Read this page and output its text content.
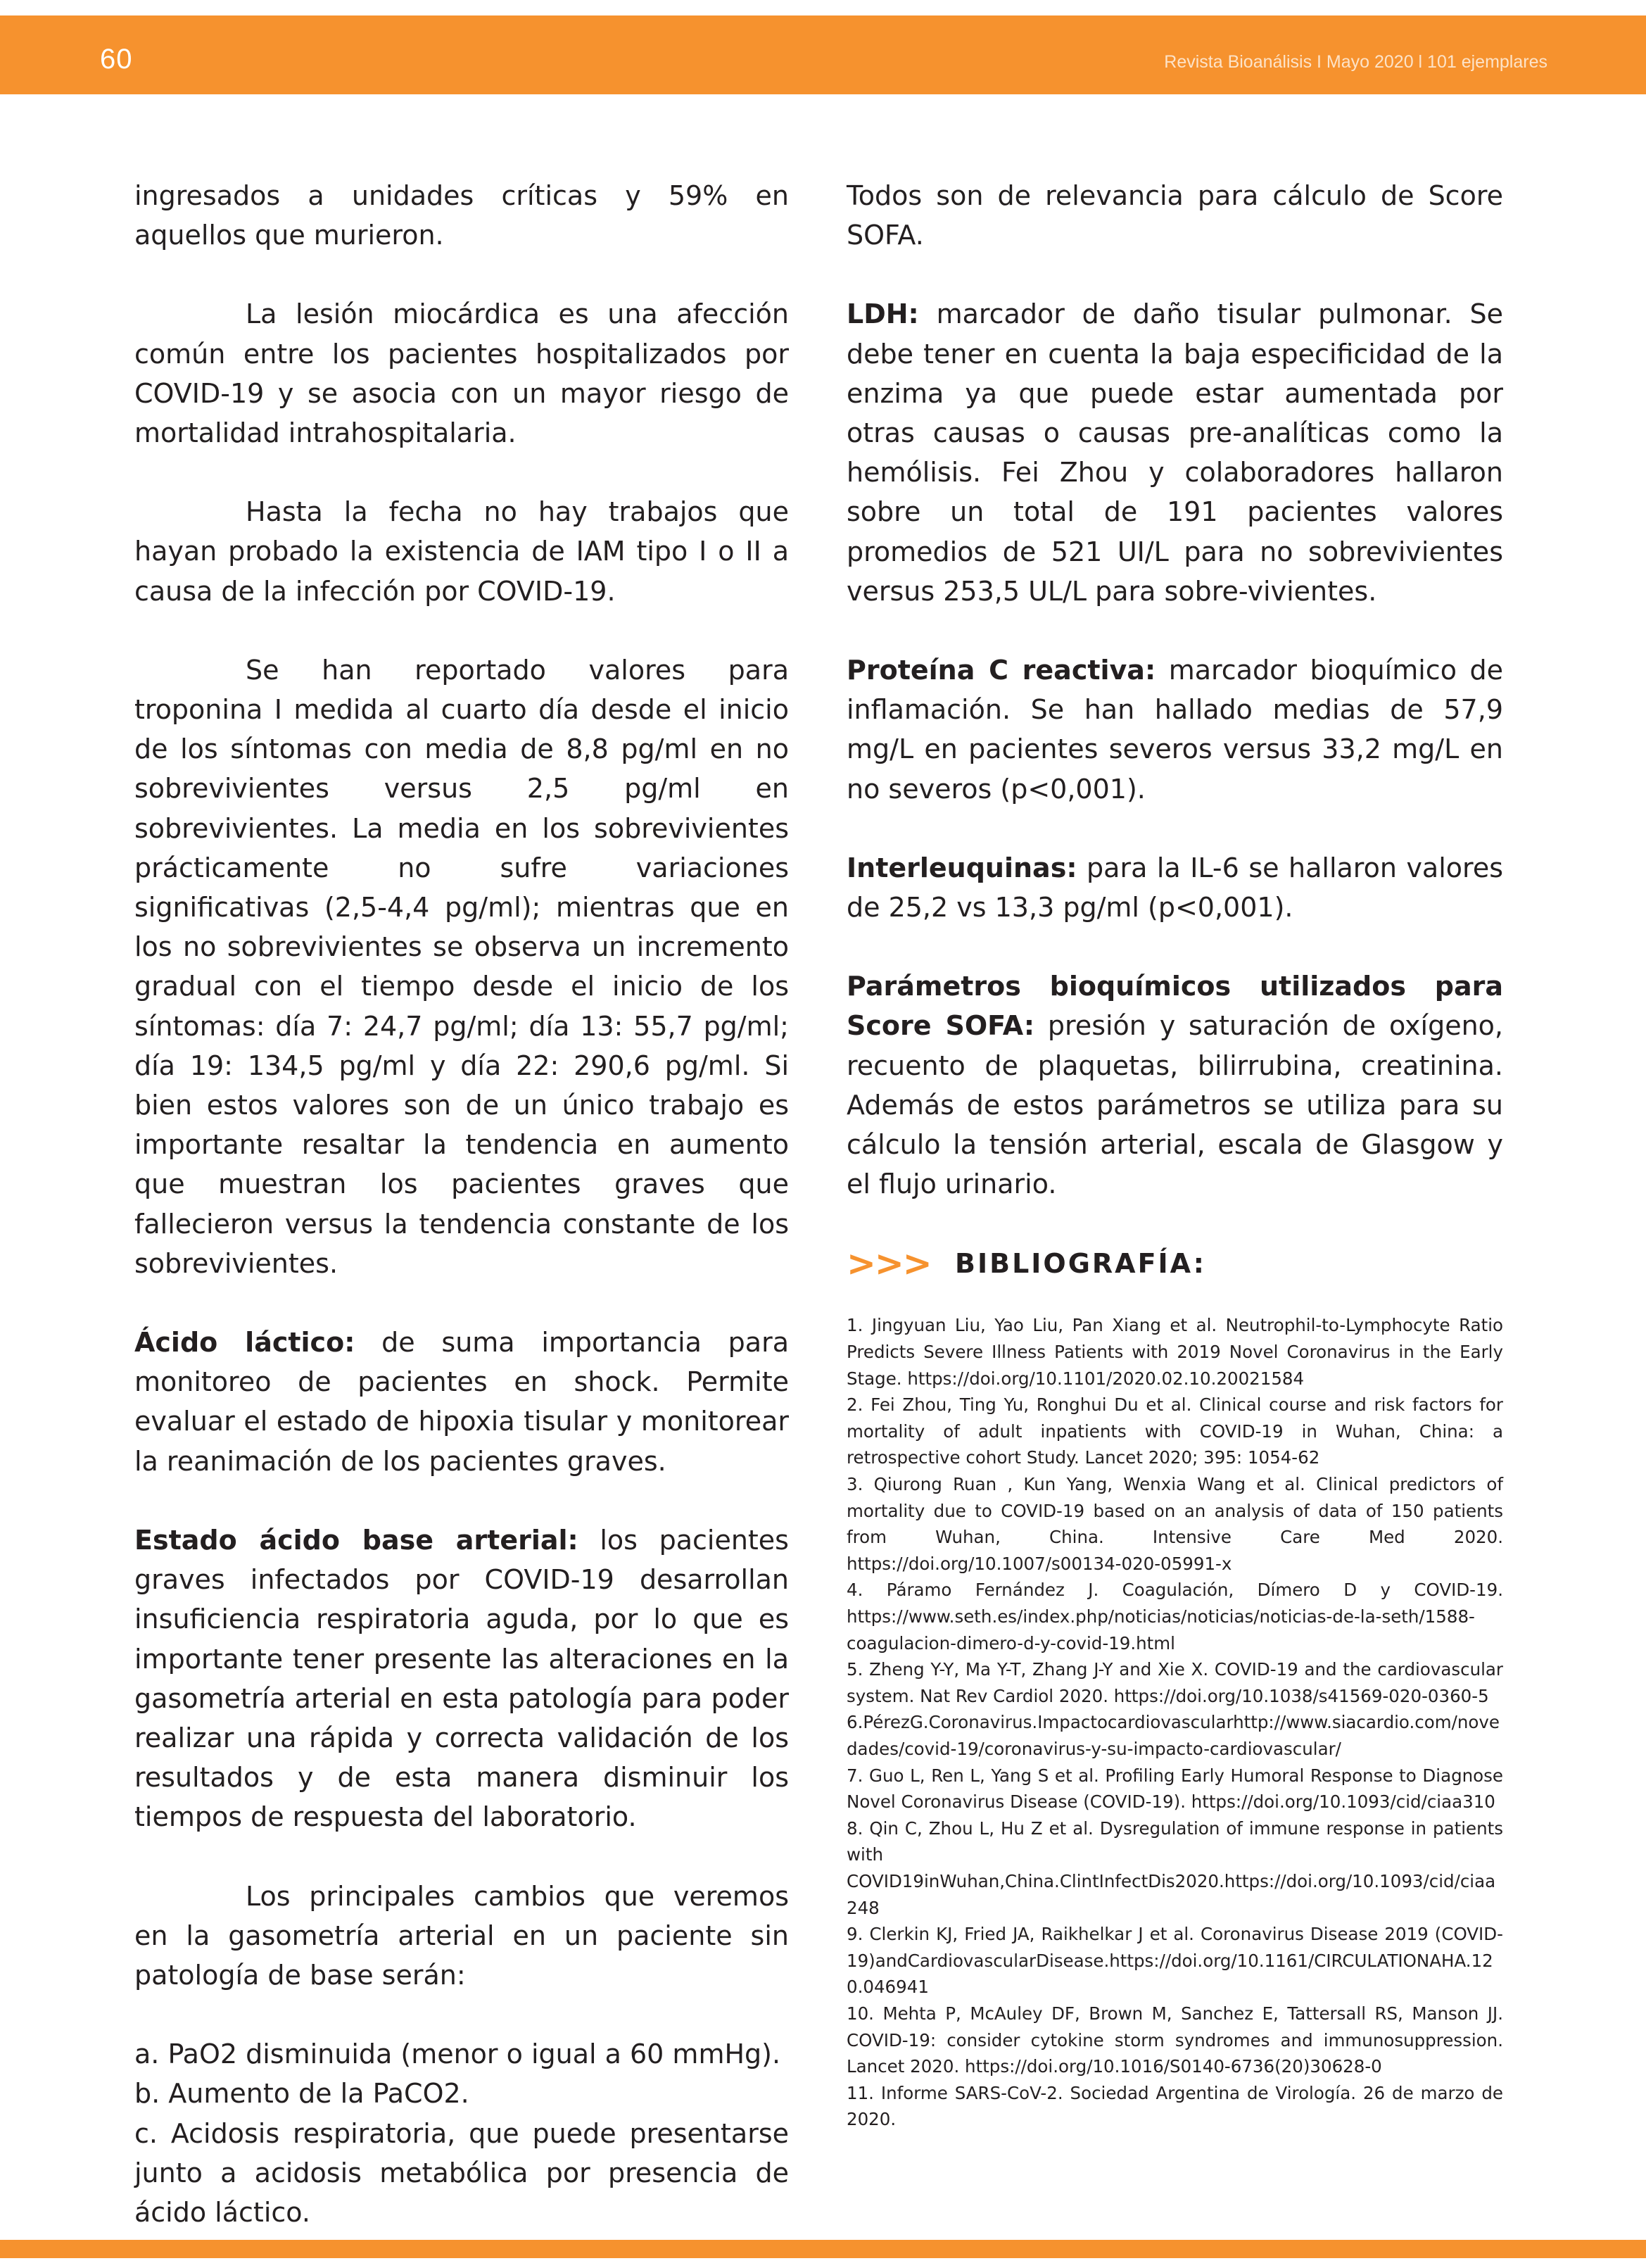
60	Revista Bioanálisis I Mayo 2020 l 101 ejemplares

ingresados a unidades críticas y 59% en aquellos que murieron.

La lesión miocárdica es una afección común entre los pacientes hospitalizados por COVID-19 y se asocia con un mayor riesgo de mortalidad intrahospitalaria.

Hasta la fecha no hay trabajos que hayan probado la existencia de IAM tipo I o II a causa de la infección por COVID-19.

Se han reportado valores para troponina I medida al cuarto día desde el inicio de los síntomas con media de 8,8 pg/ml en no sobrevivientes versus 2,5 pg/ml en sobrevivientes. La media en los sobrevivientes prácticamente no sufre variaciones significativas (2,5-4,4 pg/ml); mientras que en los no sobrevivientes se observa un incremento gradual con el tiempo desde el inicio de los síntomas: día 7: 24,7 pg/ml; día 13: 55,7 pg/ml; día 19: 134,5 pg/ml y día 22: 290,6 pg/ml. Si bien estos valores son de un único trabajo es importante resaltar la tendencia en aumento que muestran los pacientes graves que fallecieron versus la tendencia constante de los sobrevivientes.

Ácido láctico: de suma importancia para monitoreo de pacientes en shock. Permite evaluar el estado de hipoxia tisular y monitorear la reanimación de los pacientes graves.

Estado ácido base arterial: los pacientes graves infectados por COVID-19 desarrollan insuficiencia respiratoria aguda, por lo que es importante tener presente las alteraciones en la gasometría arterial en esta patología para poder realizar una rápida y correcta validación de los resultados y de esta manera disminuir los tiempos de respuesta del laboratorio.

Los principales cambios que veremos en la gasometría arterial en un paciente sin patología de base serán:

a. PaO2 disminuida (menor o igual a 60 mmHg).

b. Aumento de la PaCO2.

c. Acidosis respiratoria, que puede presentarse junto a acidosis metabólica por presencia de ácido láctico.

Todos son de relevancia para cálculo de Score SOFA.

LDH: marcador de daño tisular pulmonar. Se debe tener en cuenta la baja especificidad de la enzima ya que puede estar aumentada por otras causas o causas pre-analíticas como la hemólisis. Fei Zhou y colaboradores hallaron sobre un total de 191 pacientes valores promedios de 521 UI/L para no sobrevivientes versus 253,5 UL/L para sobre-vivientes.

Proteína C reactiva: marcador bioquímico de inflamación. Se han hallado medias de 57,9 mg/L en pacientes severos versus 33,2 mg/L en no severos (p<0,001).

Interleuquinas: para la IL-6 se hallaron valores de 25,2 vs 13,3 pg/ml (p<0,001).

Parámetros bioquímicos utilizados para Score SOFA: presión y saturación de oxígeno, recuento de plaquetas, bilirrubina, creatinina. Además de estos parámetros se utiliza para su cálculo la tensión arterial, escala de Glasgow y el flujo urinario.

>>> BIBLIOGRAFÍA:
1. Jingyuan Liu, Yao Liu, Pan Xiang et al. Neutrophil-to-Lymphocyte Ratio Predicts Severe Illness Patients with 2019 Novel Coronavirus in the Early Stage. https://doi.org/10.1101/2020.02.10.20021584
2. Fei Zhou, Ting Yu, Ronghui Du et al. Clinical course and risk factors for mortality of adult inpatients with COVID-19 in Wuhan, China: a retrospective cohort Study. Lancet 2020; 395: 1054-62
3. Qiurong Ruan , Kun Yang, Wenxia Wang et al. Clinical predictors of mortality due to COVID-19 based on an analysis of data of 150 patients from Wuhan, China. Intensive Care Med 2020. https://doi.org/10.1007/s00134-020-05991-x
4. Páramo Fernández J. Coagulación, Dímero D y COVID-19. https://www.seth.es/index.php/noticias/noticias/noticias-de-la-seth/1588-coagulacion-dimero-d-y-covid-19.html
5. Zheng Y-Y, Ma Y-T, Zhang J-Y and Xie X. COVID-19 and the cardiovascular system. Nat Rev Cardiol 2020. https://doi.org/10.1038/s41569-020-0360-5
6.PérezG.Coronavirus.Impactocardiovascularhttp://www.siacardio.com/novedades/covid-19/coronavirus-y-su-impacto-cardiovascular/
7. Guo L, Ren L, Yang S et al. Profiling Early Humoral Response to Diagnose Novel Coronavirus Disease (COVID-19). https://doi.org/10.1093/cid/ciaa310
8. Qin C, Zhou L, Hu Z et al. Dysregulation of immune response in patients with COVID19inWuhan,China.ClintInfectDis2020.https://doi.org/10.1093/cid/ciaa248
9. Clerkin KJ, Fried JA, Raikhelkar J et al. Coronavirus Disease 2019 (COVID-19)andCardiovascularDisease.https://doi.org/10.1161/CIRCULATIONAHA.120.046941
10. Mehta P, McAuley DF, Brown M, Sanchez E, Tattersall RS, Manson JJ. COVID-19: consider cytokine storm syndromes and immunosuppression. Lancet 2020. https://doi.org/10.1016/S0140-6736(20)30628-0
11. Informe SARS-CoV-2. Sociedad Argentina de Virología. 26 de marzo de 2020.
